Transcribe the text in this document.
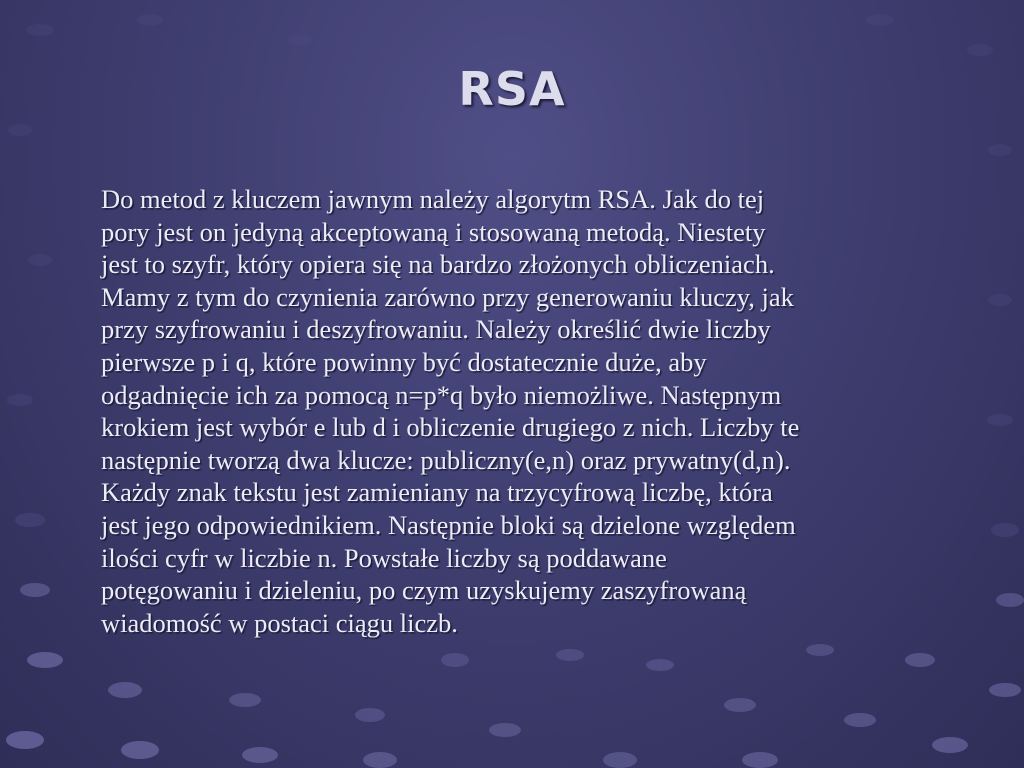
RSA

Do metod z kluczem jawnym należy algorytm RSA. Jak do tej
pory jest on jedyną akceptowaną i stosowaną metodą. Niestety
jest to szyfr, który opiera się na bardzo złożonych obliczeniach.
Mamy z tym do czynienia zarówno przy generowaniu kluczy, jak
przy szyfrowaniu i deszyfrowaniu. Należy określić dwie liczby
pierwsze p i q, które powinny być dostatecznie duże, aby
odgadnięcie ich za pomocą n=p*q było niemożliwe. Następnym
krokiem jest wybór e lub d i obliczenie drugiego z nich. Liczby te
następnie tworzą dwa klucze: publiczny(e,n) oraz prywatny(d,n).
Każdy znak tekstu jest zamieniany na trzycyfrową liczbę, która
jest jego odpowiednikiem. Następnie bloki są dzielone względem
ilości cyfr w liczbie n. Powstałe liczby są poddawane
potęgowaniu i dzieleniu, po czym uzyskujemy zaszyfrowaną
wiadomość w postaci ciągu liczb.
